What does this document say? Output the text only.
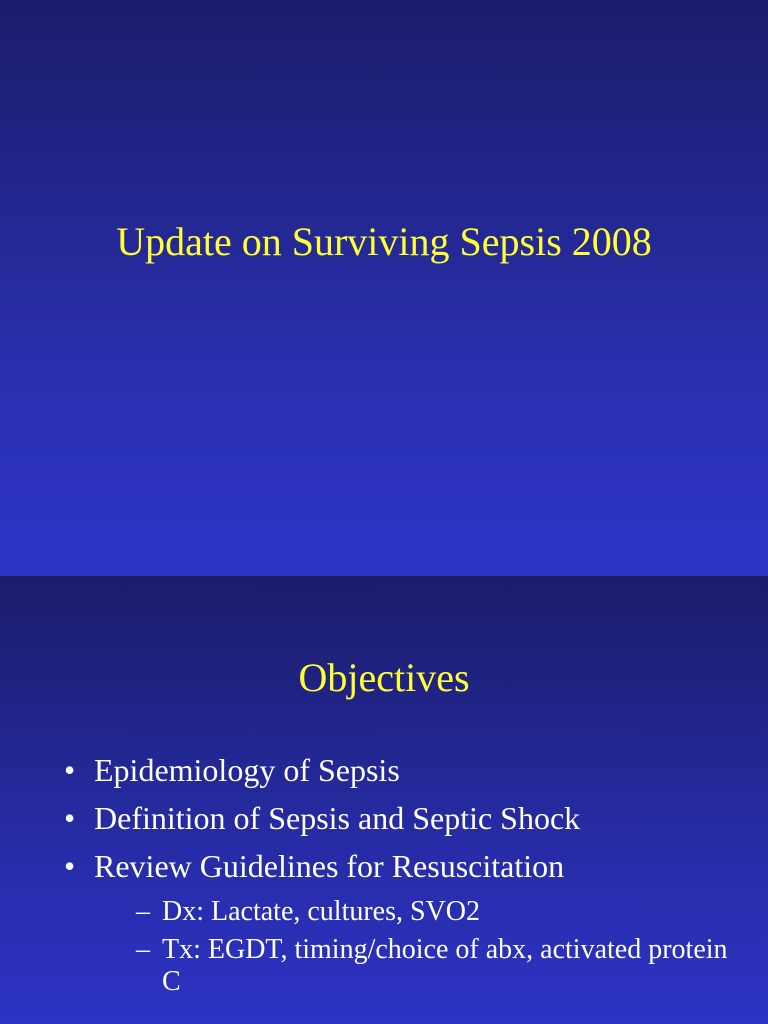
Update on Surviving Sepsis 2008
Objectives
• Epidemiology of Sepsis
• Definition of Sepsis and Septic Shock
• Review Guidelines for Resuscitation
– Dx: Lactate, cultures, SVO2
– Tx: EGDT, timing/choice of abx, activated protein C
